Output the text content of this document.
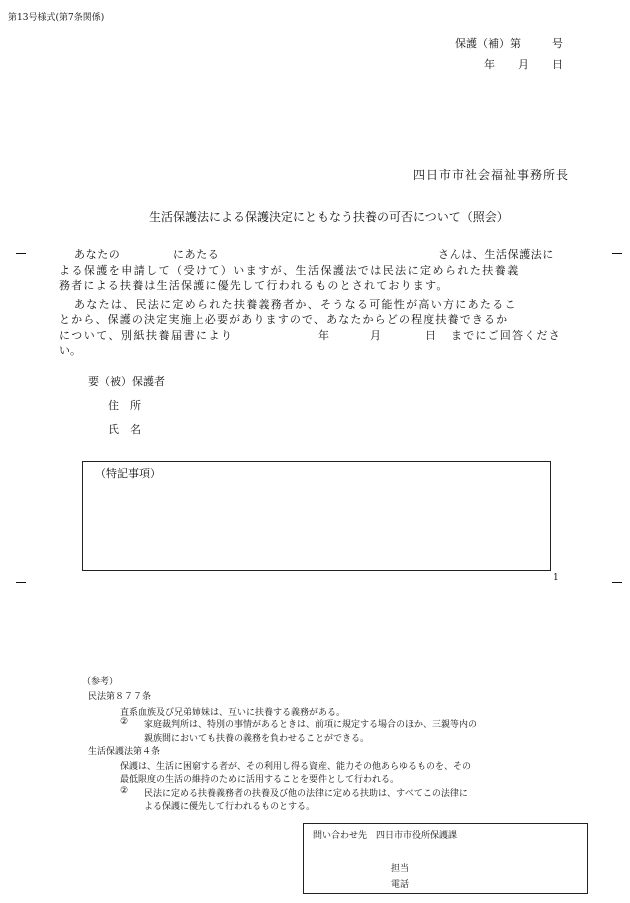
第13号様式(第7条関係)
保護（補）第	号
年 月 日
四日市市社会福祉事務所長
生活保護法による保護決定にともなう扶養の可否について（照会）
あなたの	にあたる	さんは、生活保護法に
よる保護を申請して（受けて）いますが、生活保護法では民法に定められた扶養義
務者による扶養は生活保護に優先して行われるものとされております。
あなたは、民法に定められた扶養義務者か、そうなる可能性が高い方にあたるこ
とから、保護の決定実施上必要がありますので、あなたからどの程度扶養できるか
について、別紙扶養届書により	年	月	日 までにご回答くださ
い。
要（被）保護者
住　所
氏　名
（特記事項）
1
（参考）
民法第８７７条
直系血族及び兄弟姉妹は、互いに扶養する義務がある。
② 家庭裁判所は、特別の事情があるときは、前項に規定する場合のほか、三親等内の
親族間においても扶養の義務を負わせることができる。
生活保護法第４条
保護は、生活に困窮する者が、その利用し得る資産、能力その他あらゆるものを、その
最低限度の生活の維持のために活用することを要件として行われる。
② 民法に定める扶養義務者の扶養及び他の法律に定める扶助は、すべてこの法律に
よる保護に優先して行われるものとする。
問い合わせ先　四日市市役所保護課
担当
電話
